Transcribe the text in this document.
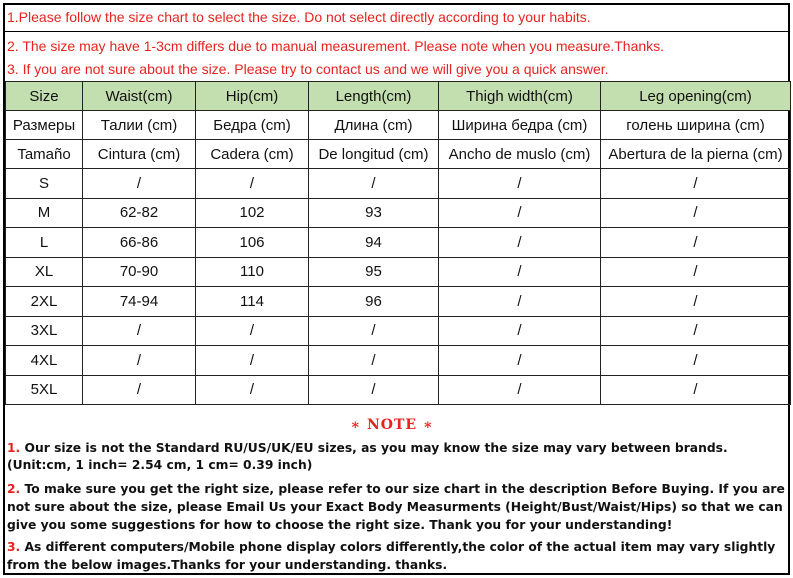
1.Please follow the size chart to select the size. Do not select directly according to your habits.
2. The size may have 1-3cm differs due to manual measurement. Please note when you measure.Thanks.
3. If you are not sure about the size. Please try to contact us and we will give you a quick answer.
Size	Waist(cm)	Hip(cm)	Length(cm)	Thigh width(cm)	Leg opening(cm)
Размеры	Талии (cm)	Бедра (cm)	Длина (cm)	Ширина бедра (cm)	голень ширина (cm)
Tamaño	Cintura (cm)	Cadera (cm)	De longitud (cm)	Ancho de muslo (cm)	Abertura de la pierna (cm)
S	/	/	/	/	/
M	62-82	102	93	/	/
L	66-86	106	94	/	/
XL	70-90	110	95	/	/
2XL	74-94	114	96	/	/
3XL	/	/	/	/	/
4XL	/	/	/	/	/
5XL	/	/	/	/	/
∗ NOTE ∗
1. Our size is not the Standard RU/US/UK/EU sizes, as you may know the size may vary between brands.
(Unit:cm, 1 inch= 2.54 cm, 1 cm= 0.39 inch)
2. To make sure you get the right size, please refer to our size chart in the description Before Buying. If you are
not sure about the size, please Email Us your Exact Body Measurments (Height/Bust/Waist/Hips) so that we can
give you some suggestions for how to choose the right size. Thank you for your understanding!
3. As different computers/Mobile phone display colors differently,the color of the actual item may vary slightly
from the below images.Thanks for your understanding. thanks.
